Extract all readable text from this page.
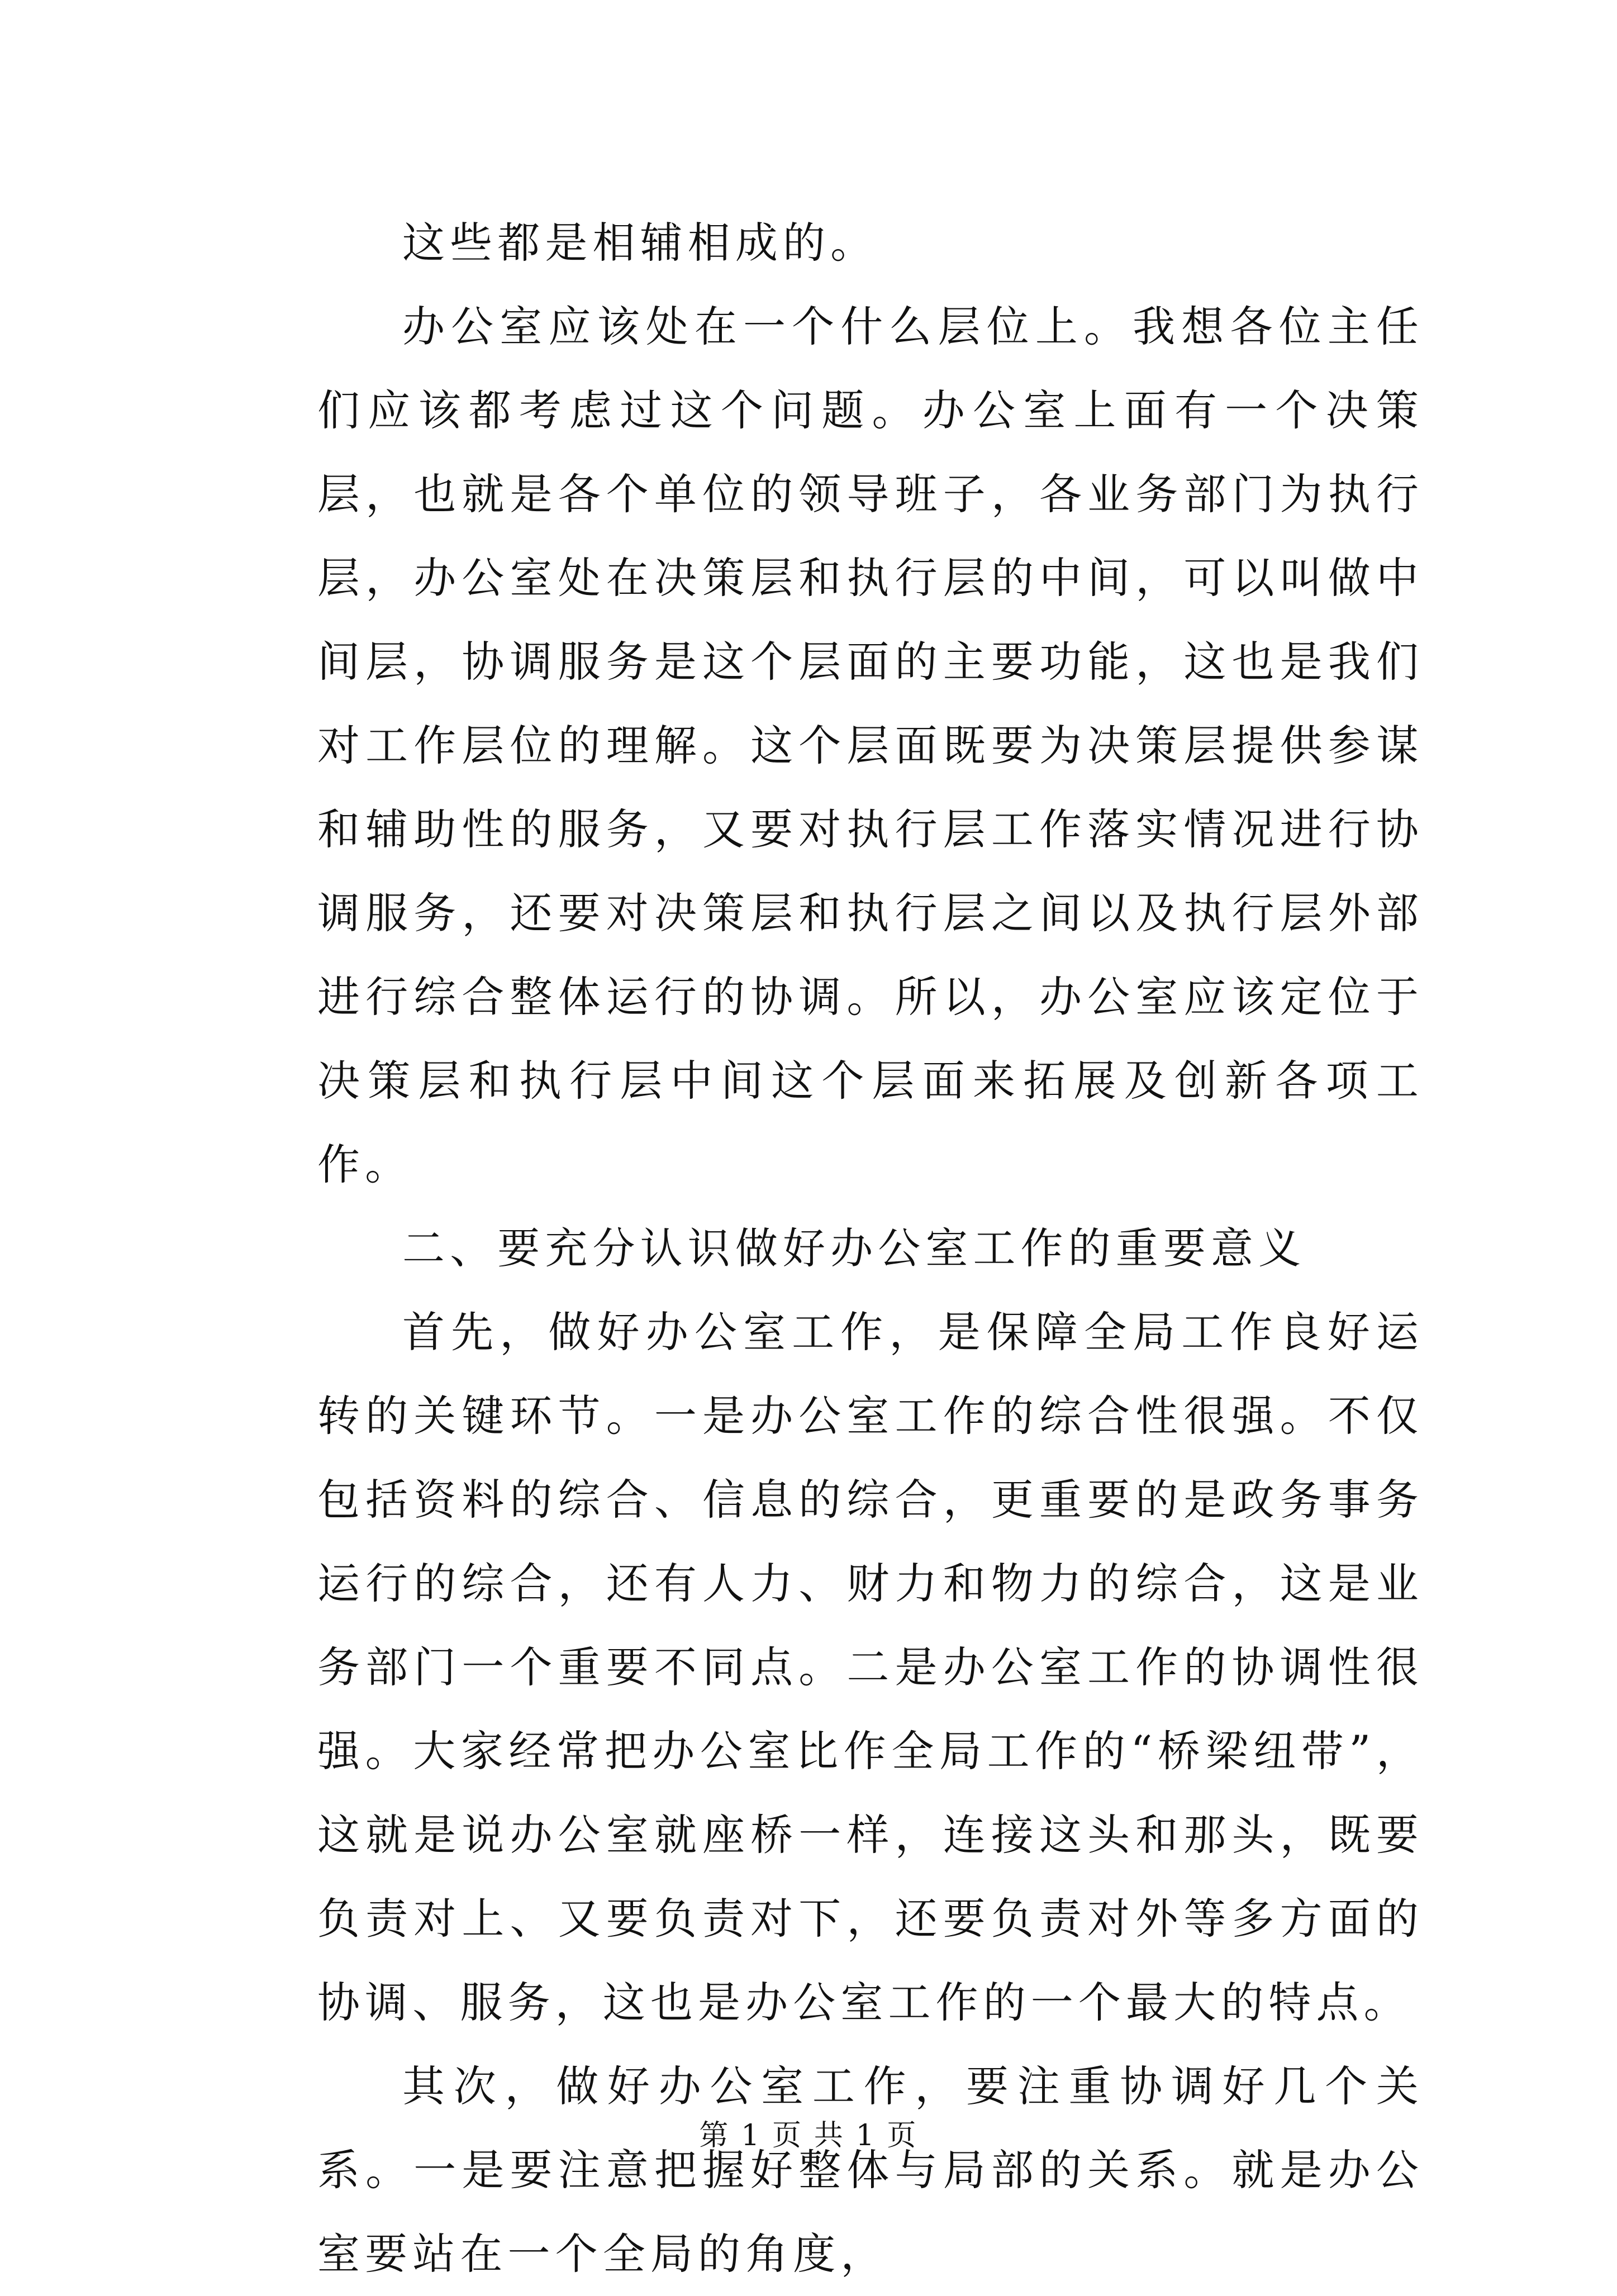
这些都是相辅相成的。

办公室应该处在一个什么层位上。我想各位主任们应该都考虑过这个问题。办公室上面有一个决策层，也就是各个单位的领导班子，各业务部门为执行层，办公室处在决策层和执行层的中间，可以叫做中间层，协调服务是这个层面的主要功能，这也是我们对工作层位的理解。这个层面既要为决策层提供参谋和辅助性的服务，又要对执行层工作落实情况进行协调服务，还要对决策层和执行层之间以及执行层外部进行综合整体运行的协调。所以，办公室应该定位于决策层和执行层中间这个层面来拓展及创新各项工作。

二、要充分认识做好办公室工作的重要意义

首先，做好办公室工作，是保障全局工作良好运转的关键环节。一是办公室工作的综合性很强。不仅包括资料的综合、信息的综合，更重要的是政务事务运行的综合，还有人力、财力和物力的综合，这是业务部门一个重要不同点。二是办公室工作的协调性很强。大家经常把办公室比作全局工作的“桥梁纽带”，这就是说办公室就座桥一样，连接这头和那头，既要负责对上、又要负责对下，还要负责对外等多方面的协调、服务，这也是办公室工作的一个最大的特点。

其次，做好办公室工作，要注重协调好几个关系。一是要注意把握好整体与局部的关系。就是办公室要站在一个全局的角度，

第 1 页 共 1 页
